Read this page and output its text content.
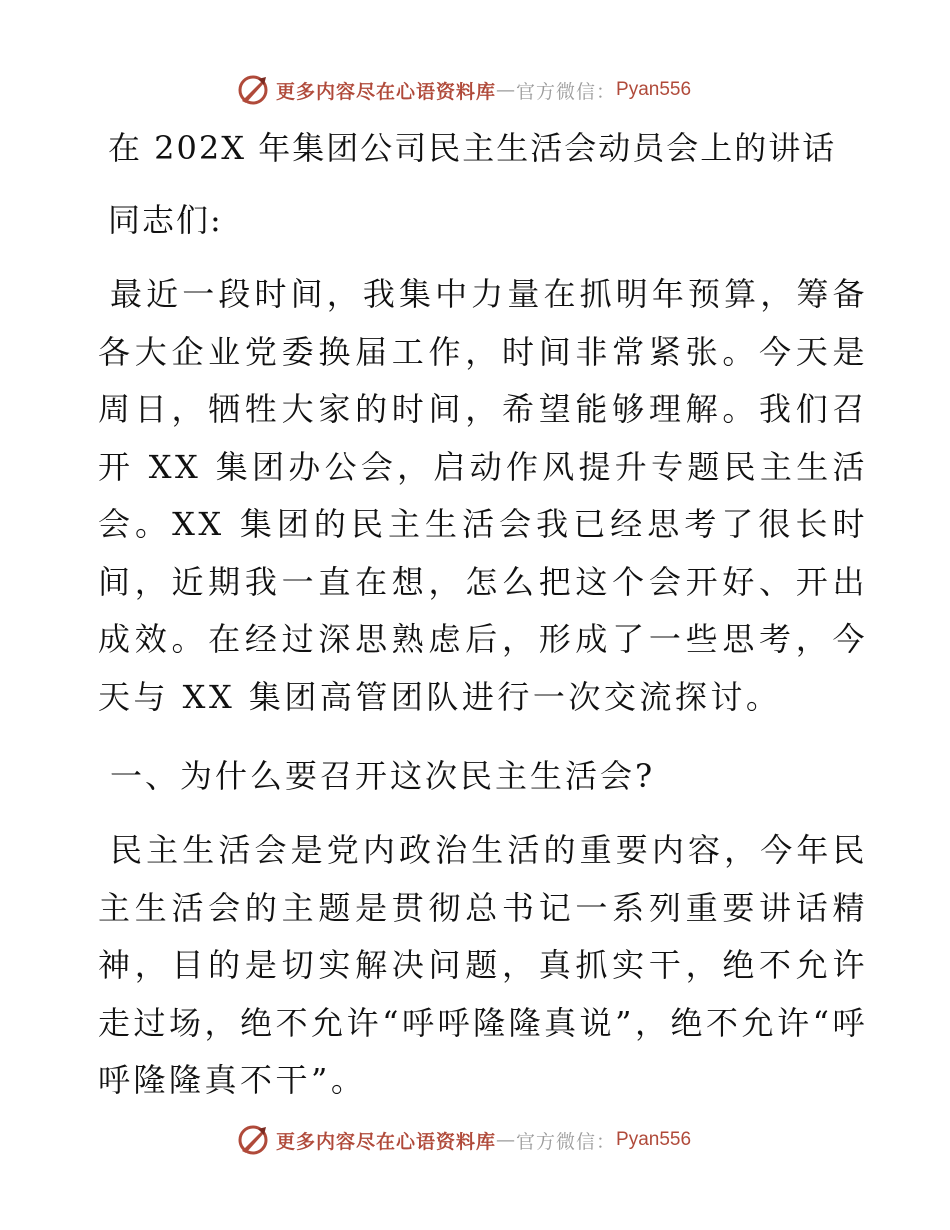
更多内容尽在心语资料库 — 官方微信： Pyan556
在 202X 年集团公司民主生活会动员会上的讲话
同志们:
最近一段时间，我集中力量在抓明年预算，筹备各大企业党委换届工作，时间非常紧张。今天是周日，牺牲大家的时间，希望能够理解。我们召开 XX 集团办公会，启动作风提升专题民主生活会。XX 集团的民主生活会我已经思考了很长时间，近期我一直在想，怎么把这个会开好、开出成效。在经过深思熟虑后，形成了一些思考，今天与 XX 集团高管团队进行一次交流探讨。
一、为什么要召开这次民主生活会?
民主生活会是党内政治生活的重要内容，今年民主生活会的主题是贯彻总书记一系列重要讲话精神，目的是切实解决问题，真抓实干，绝不允许走过场，绝不允许“呼呼隆隆真说”，绝不允许“呼呼隆隆真不干”。
更多内容尽在心语资料库 — 官方微信： Pyan556
